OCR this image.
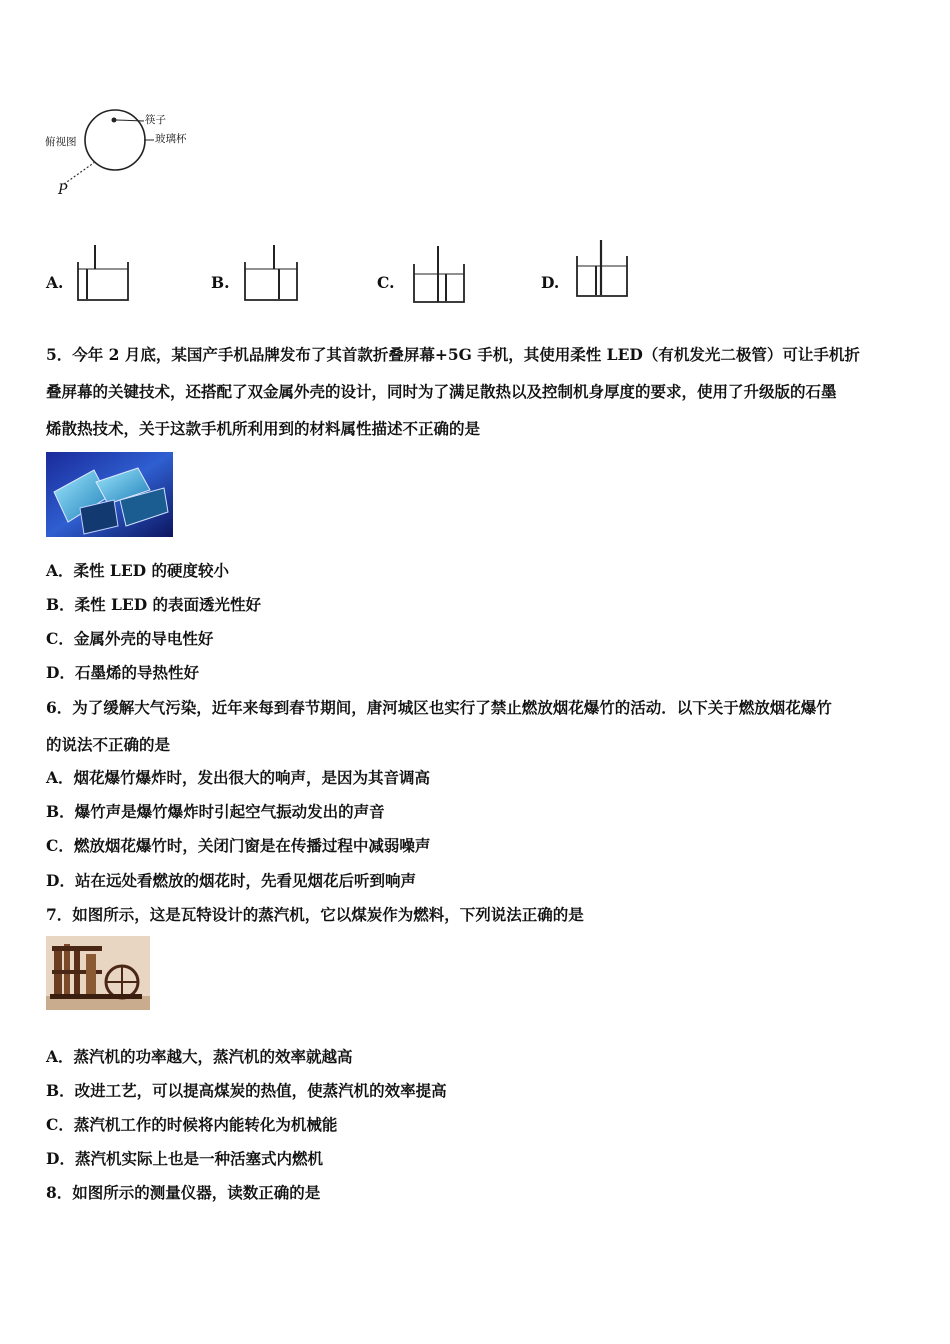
俯视图
筷子
玻璃杯
P
A.	B.	C.	D.
5．今年 2 月底，某国产手机品牌发布了其首款折叠屏幕+5G 手机，其使用柔性 LED（有机发光二极管）可让手机折
叠屏幕的关键技术，还搭配了双金属外壳的设计，同时为了满足散热以及控制机身厚度的要求，使用了升级版的石墨
烯散热技术，关于这款手机所利用到的材料属性描述不正确的是
A．柔性 LED 的硬度较小
B．柔性 LED 的表面透光性好
C．金属外壳的导电性好
D．石墨烯的导热性好
6．为了缓解大气污染，近年来每到春节期间，唐河城区也实行了禁止燃放烟花爆竹的活动．以下关于燃放烟花爆竹
的说法不正确的是
A．烟花爆竹爆炸时，发出很大的响声，是因为其音调高
B．爆竹声是爆竹爆炸时引起空气振动发出的声音
C．燃放烟花爆竹时，关闭门窗是在传播过程中减弱噪声
D．站在远处看燃放的烟花时，先看见烟花后听到响声
7．如图所示，这是瓦特设计的蒸汽机，它以煤炭作为燃料，下列说法正确的是
A．蒸汽机的功率越大，蒸汽机的效率就越高
B．改进工艺，可以提高煤炭的热值，使蒸汽机的效率提高
C．蒸汽机工作的时候将内能转化为机械能
D．蒸汽机实际上也是一种活塞式内燃机
8．如图所示的测量仪器，读数正确的是
